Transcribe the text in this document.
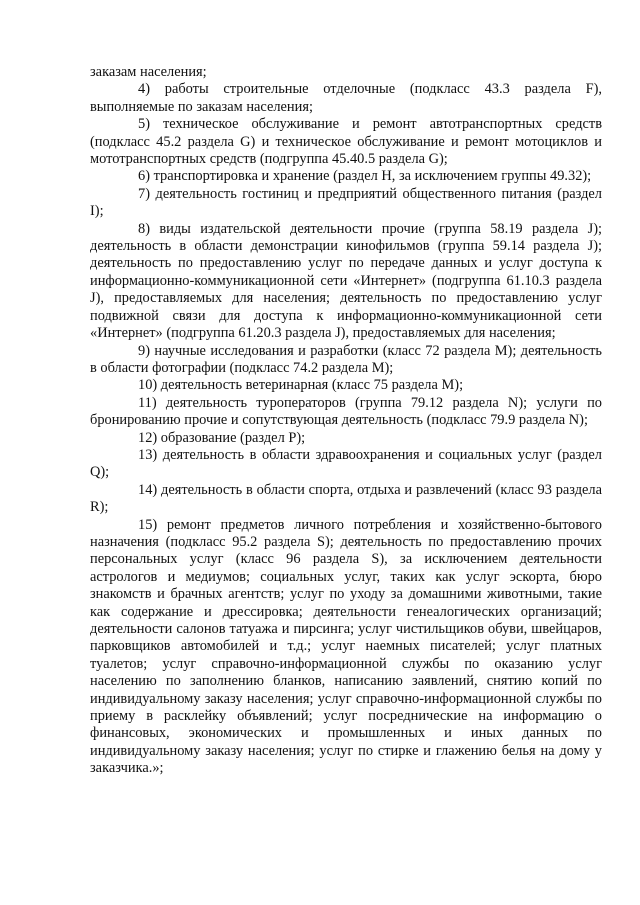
заказам населения;

4) работы строительные отделочные (подкласс 43.3 раздела F), выполняемые по заказам населения;

5) техническое обслуживание и ремонт автотранспортных средств (подкласс 45.2 раздела G) и техническое обслуживание и ремонт мотоциклов и мототранспортных средств (подгруппа 45.40.5 раздела G);

6) транспортировка и хранение (раздел H, за исключением группы 49.32);

7) деятельность гостиниц и предприятий общественного питания (раздел I);

8) виды издательской деятельности прочие (группа 58.19 раздела J); деятельность в области демонстрации кинофильмов (группа 59.14 раздела J); деятельность по предоставлению услуг по передаче данных и услуг доступа к информационно-коммуникационной сети «Интернет» (подгруппа 61.10.3 раздела J), предоставляемых для населения; деятельность по предоставлению услуг подвижной связи для доступа к информационно-коммуникационной сети «Интернет» (подгруппа 61.20.3 раздела J), предоставляемых для населения;

9) научные исследования и разработки (класс 72 раздела M); деятельность в области фотографии (подкласс 74.2 раздела M);

10) деятельность ветеринарная (класс 75 раздела M);

11) деятельность туроператоров (группа 79.12 раздела N); услуги по бронированию прочие и сопутствующая деятельность (подкласс 79.9 раздела N);

12) образование (раздел P);

13) деятельность в области здравоохранения и социальных услуг (раздел Q);

14) деятельность в области спорта, отдыха и развлечений (класс 93 раздела R);

15) ремонт предметов личного потребления и хозяйственно-бытового назначения (подкласс 95.2 раздела S); деятельность по предоставлению прочих персональных услуг (класс 96 раздела S), за исключением деятельности астрологов и медиумов; социальных услуг, таких как услуг эскорта, бюро знакомств и брачных агентств; услуг по уходу за домашними животными, такие как содержание и дрессировка; деятельности генеалогических организаций; деятельности салонов татуажа и пирсинга; услуг чистильщиков обуви, швейцаров, парковщиков автомобилей и т.д.; услуг наемных писателей; услуг платных туалетов; услуг справочно-информационной службы по оказанию услуг населению по заполнению бланков, написанию заявлений, снятию копий по индивидуальному заказу населения; услуг справочно-информационной службы по приему в расклейку объявлений; услуг посреднические на информацию о финансовых, экономических и промышленных и иных данных по индивидуальному заказу населения; услуг по стирке и глажению белья на дому у заказчика.»;
